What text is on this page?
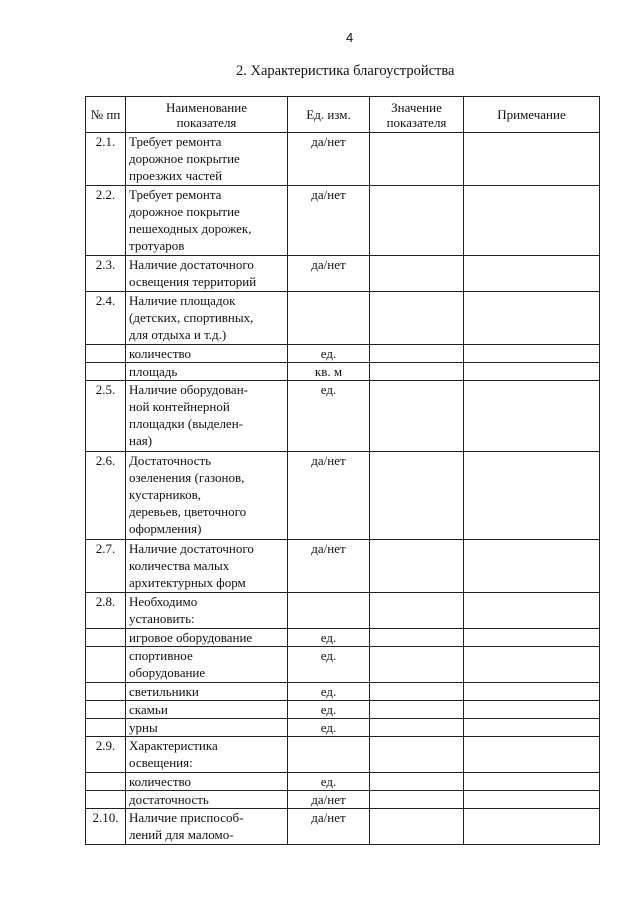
4
2. Характеристика благоустройства
№ пп	Наименование
показателя	Ед. изм.	Значение
показателя	Примечание
2.1.	Требует ремонта
дорожное покрытие
проезжих частей	да/нет		
2.2.	Требует ремонта
дорожное покрытие
пешеходных дорожек,
тротуаров	да/нет		
2.3.	Наличие достаточного
освещения территорий	да/нет		
2.4.	Наличие площадок
(детских, спортивных,
для отдыха и т.д.)			
	количество	ед.		
	площадь	кв. м		
2.5.	Наличие оборудован-
ной контейнерной
площадки (выделен-
ная)	ед.		
2.6.	Достаточность
озеленения (газонов,
кустарников,
деревьев, цветочного
оформления)	да/нет		
2.7.	Наличие достаточного
количества малых
архитектурных форм	да/нет		
2.8.	Необходимо
установить:			
	игровое оборудование	ед.		
	спортивное
оборудование	ед.		
	светильники	ед.		
	скамьи	ед.		
	урны	ед.		
2.9.	Характеристика
освещения:			
	количество	ед.		
	достаточность	да/нет		
2.10.	Наличие приспособ-
лений для маломо-	да/нет		
